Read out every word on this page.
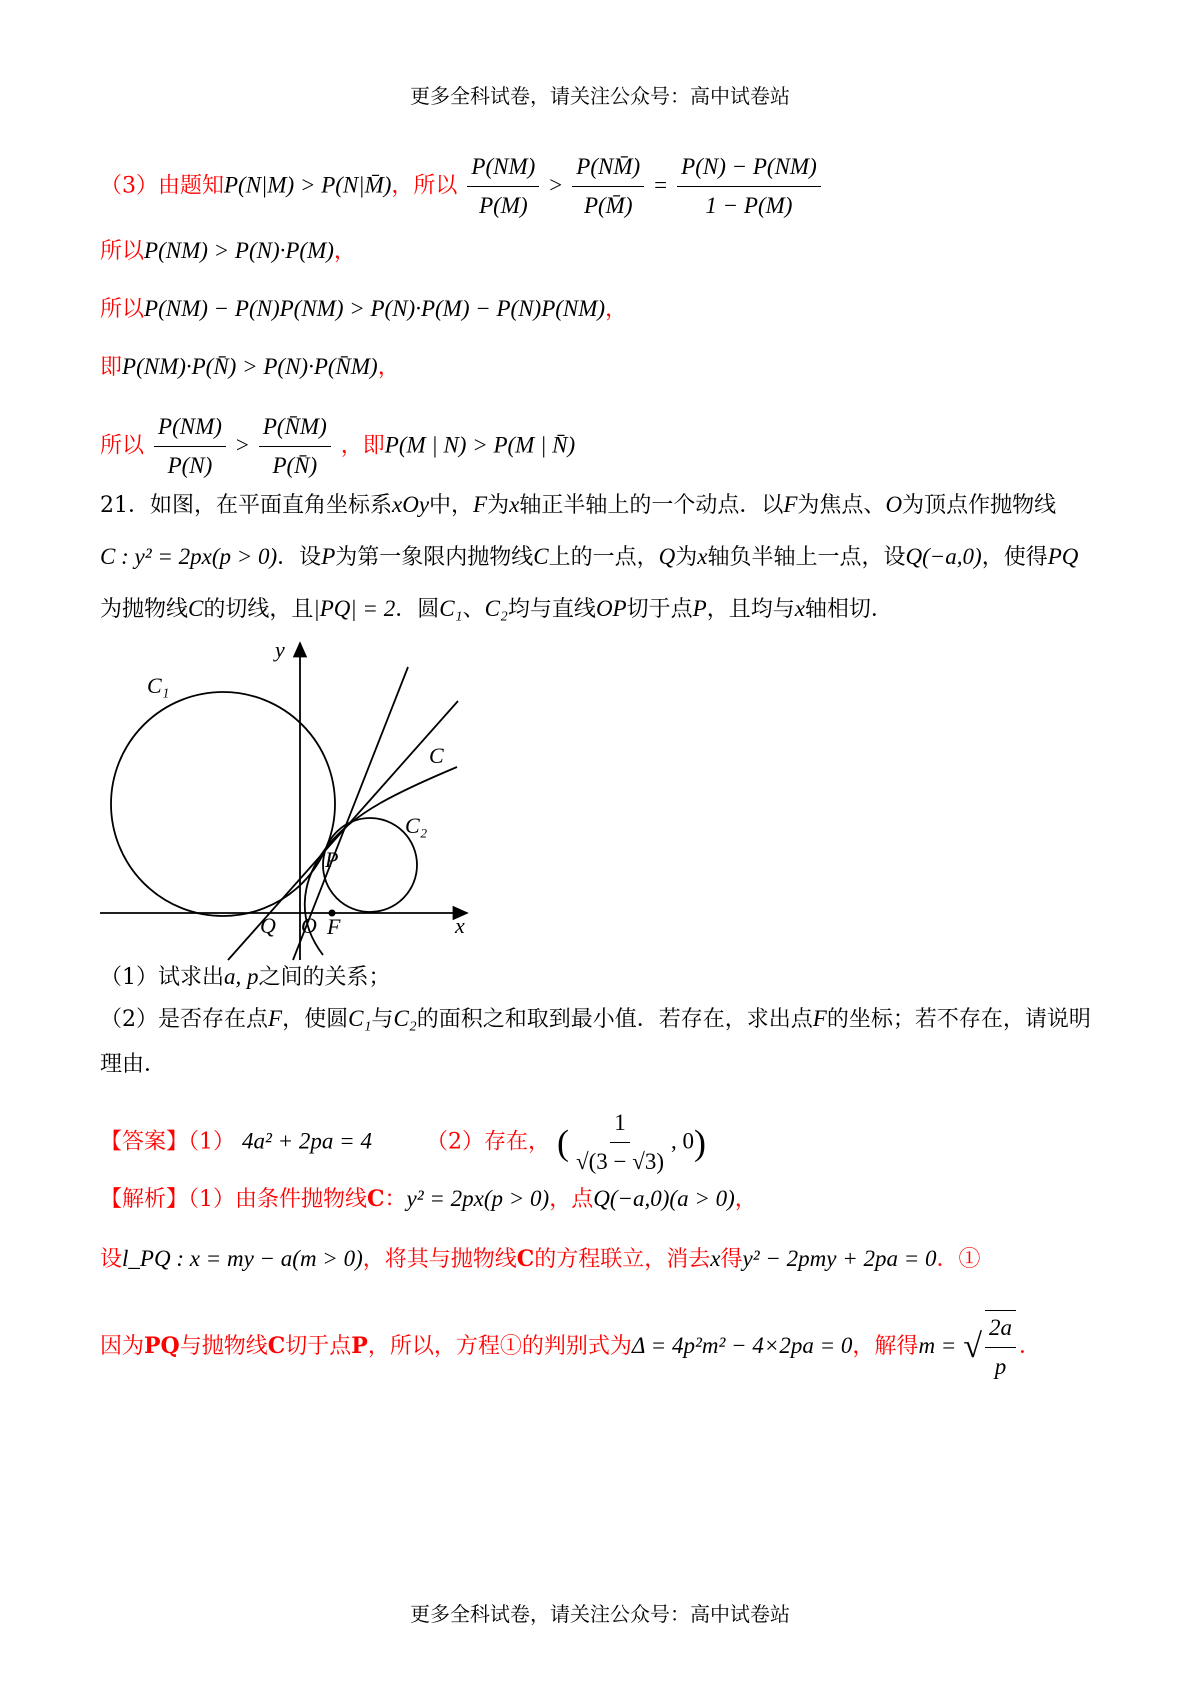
更多全科试卷，请关注公众号：高中试卷站
（3）由题知P(N|M) > P(N|M̄)，所以 $\frac{P(NM)}{P(M)} > \frac{P(NM̄)}{P(M̄)} = \frac{P(N) - P(NM)}{1 - P(M)}$
所以P(NM) > P(N)·P(M)，
所以P(NM) − P(N)P(NM) > P(N)·P(M) − P(N)P(NM)，
即P(NM)·P(N̄) > P(N)·P(N̄M)，
所以 $\frac{P(NM)}{P(N)} > \frac{P(N̄M)}{P(N̄)}$ ，即P(M | N) > P(M | N̄)
21．如图，在平面直角坐标系xOy中，F为x轴正半轴上的一个动点．以F为焦点、O为顶点作抛物线
C : y² = 2px(p > 0)．设P为第一象限内抛物线C上的一点，Q为x轴负半轴上一点，设Q(−a,0)，使得PQ
为抛物线C的切线，且|PQ| = 2．圆C₁、C₂均与直线OP切于点P，且均与x轴相切．
y
x
C₁
C₂
C
P
Q O F
（1）试求出a, p之间的关系；
（2）是否存在点F，使圆C₁与C₂的面积之和取到最小值．若存在，求出点F的坐标；若不存在，请说明
理由．
【答案】（1） 4a² + 2pa = 4 （2）存在， ( $\frac{1}{√(3 - √3)}$ , 0)
【解析】（1）由条件抛物线C：y² = 2px(p > 0)，点Q(−a,0)(a > 0)，
设l_PQ : x = my − a(m > 0)，将其与抛物线C的方程联立，消去x得y² − 2pmy + 2pa = 0．①
因为PQ与抛物线C切于点P，所以，方程①的判别式为Δ = 4p²m² − 4×2pa = 0，解得m = √ $\frac{2a}{p}$ ．
更多全科试卷，请关注公众号：高中试卷站
